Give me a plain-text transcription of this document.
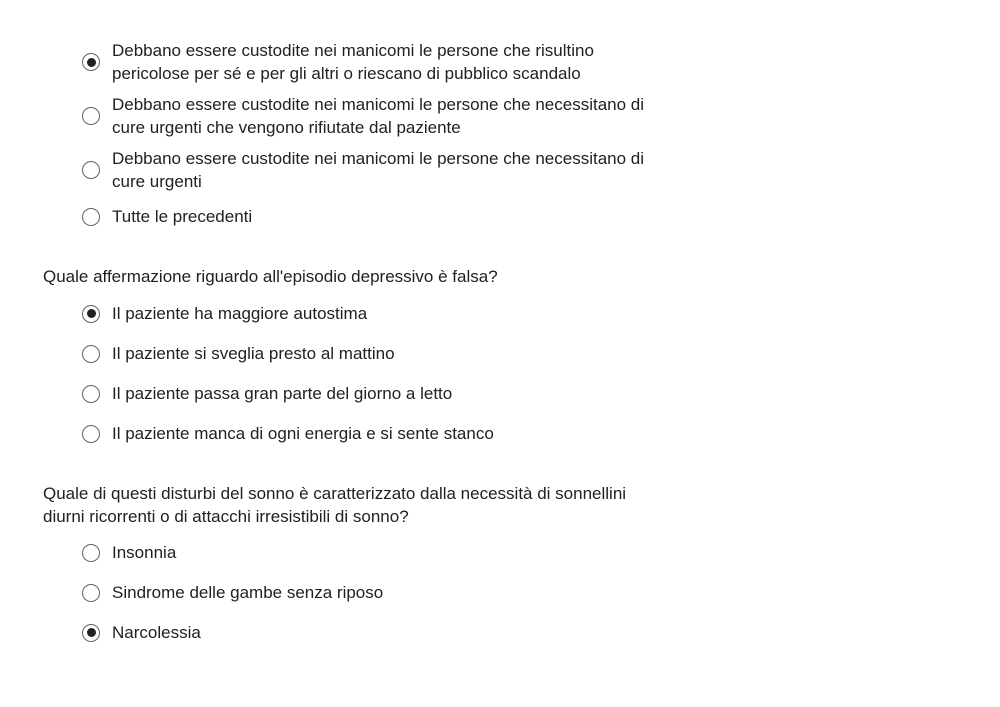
Debbano essere custodite nei manicomi le persone che risultino
pericolose per sé e per gli altri o riescano di pubblico scandalo
Debbano essere custodite nei manicomi le persone che necessitano di
cure urgenti che vengono rifiutate dal paziente
Debbano essere custodite nei manicomi le persone che necessitano di
cure urgenti
Tutte le precedenti

Quale affermazione riguardo all'episodio depressivo è falsa?

Il paziente ha maggiore autostima
Il paziente si sveglia presto al mattino
Il paziente passa gran parte del giorno a letto
Il paziente manca di ogni energia e si sente stanco

Quale di questi disturbi del sonno è caratterizzato dalla necessità di sonnellini
diurni ricorrenti o di attacchi irresistibili di sonno?

Insonnia
Sindrome delle gambe senza riposo
Narcolessia
